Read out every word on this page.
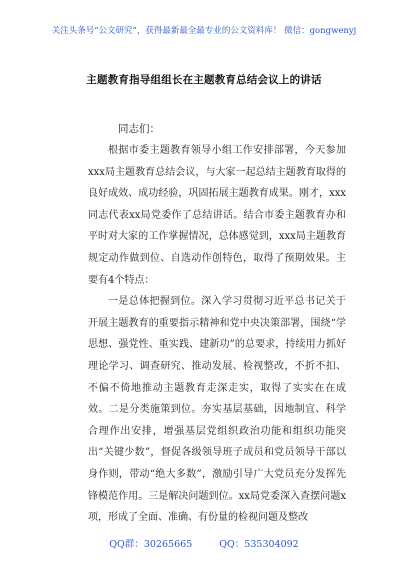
关注头条号“公文研究”，获得最新最全最专业的公文资料库！ 微信：gongwenyj
主题教育指导组组长在主题教育总结会议上的讲话
同志们：

根据市委主题教育领导小组工作安排部署，今天参加xxx局主题教育总结会议，与大家一起总结主题教育取得的良好成效、成功经验，巩固拓展主题教育成果。刚才，xxx同志代表xx局党委作了总结讲话。结合市委主题教育办和平时对大家的工作掌握情况，总体感觉到，xxx局主题教育规定动作做到位、自选动作创特色，取得了预期效果。主要有4个特点：

一是总体把握到位。深入学习贯彻习近平总书记关于开展主题教育的重要指示精神和党中央决策部署，围绕“学思想、强党性、重实践、建新功”的总要求，持续用力抓好理论学习、调查研究、推动发展、检视整改，不折不扣、不偏不倚地推动主题教育走深走实，取得了实实在在成效。二是分类施策到位。夯实基层基础，因地制宜、科学合理作出安排，增强基层党组织政治功能和组织功能突出“关键少数”，督促各级领导班子成员和党员领导干部以身作则，带动“绝大多数”，激励引导广大党员充分发挥先锋模范作用。三是解决问题到位。xx局党委深入查摆问题x项，形成了全面、准确、有份量的检视问题及整改

QQ群：30265665	QQ：535304092
